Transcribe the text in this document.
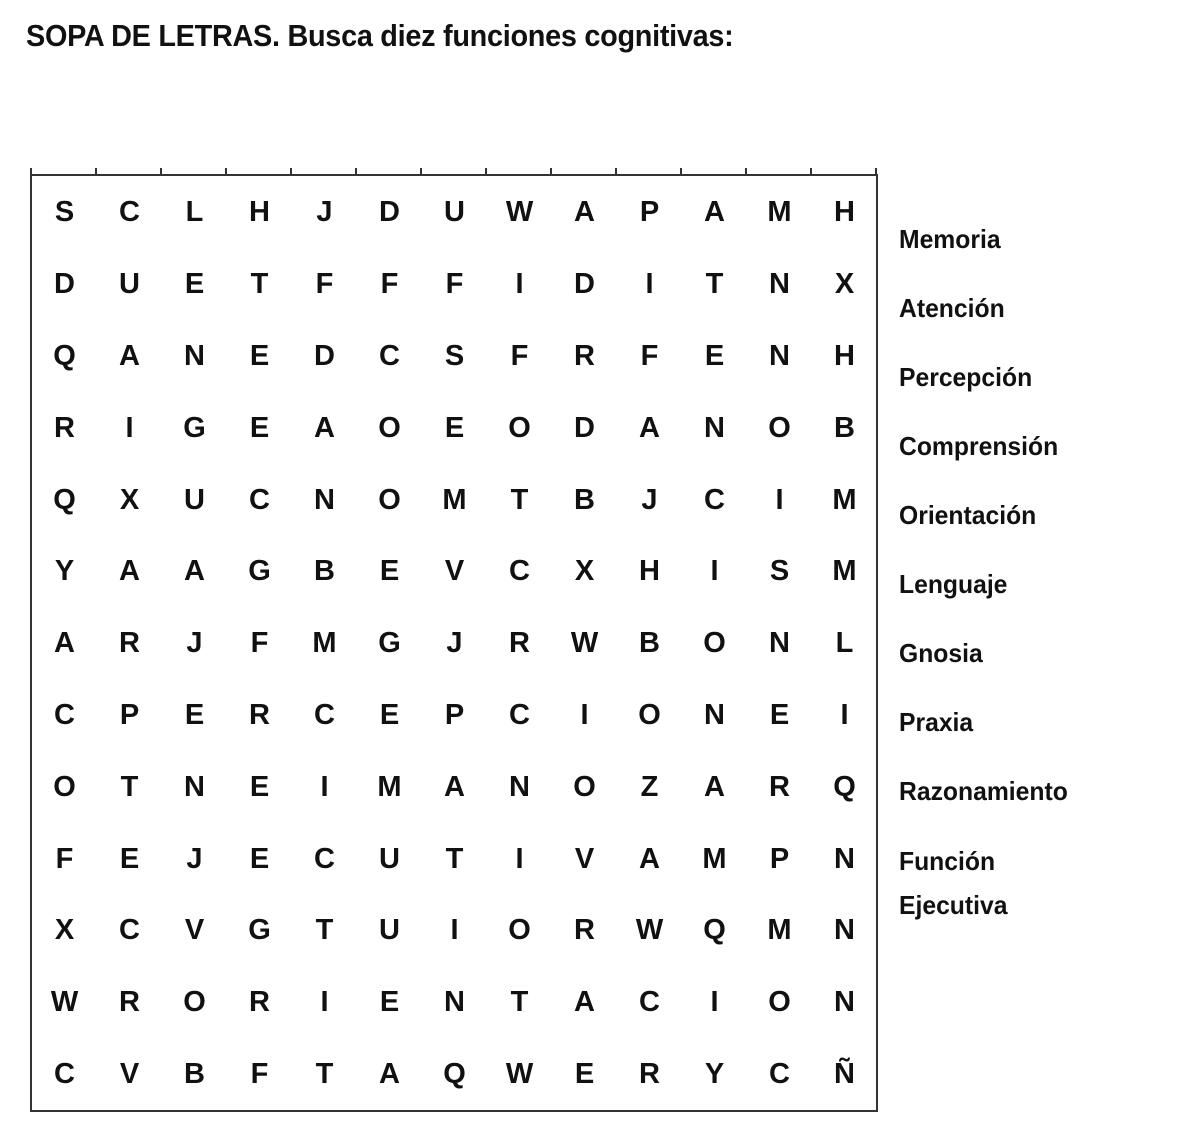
SOPA DE LETRAS. Busca diez funciones cognitivas:
S	C	L	H	J	D	U	W	A	P	A	M	H
D	U	E	T	F	F	F	I	D	I	T	N	X
Q	A	N	E	D	C	S	F	R	F	E	N	H
R	I	G	E	A	O	E	O	D	A	N	O	B
Q	X	U	C	N	O	M	T	B	J	C	I	M
Y	A	A	G	B	E	V	C	X	H	I	S	M
A	R	J	F	M	G	J	R	W	B	O	N	L
C	P	E	R	C	E	P	C	I	O	N	E	I
O	T	N	E	I	M	A	N	O	Z	A	R	Q
F	E	J	E	C	U	T	I	V	A	M	P	N
X	C	V	G	T	U	I	O	R	W	Q	M	N
W	R	O	R	I	E	N	T	A	C	I	O	N
C	V	B	F	T	A	Q	W	E	R	Y	C	Ñ
Memoria
Atención
Percepción
Comprensión
Orientación
Lenguaje
Gnosia
Praxia
Razonamiento
Función
Ejecutiva
